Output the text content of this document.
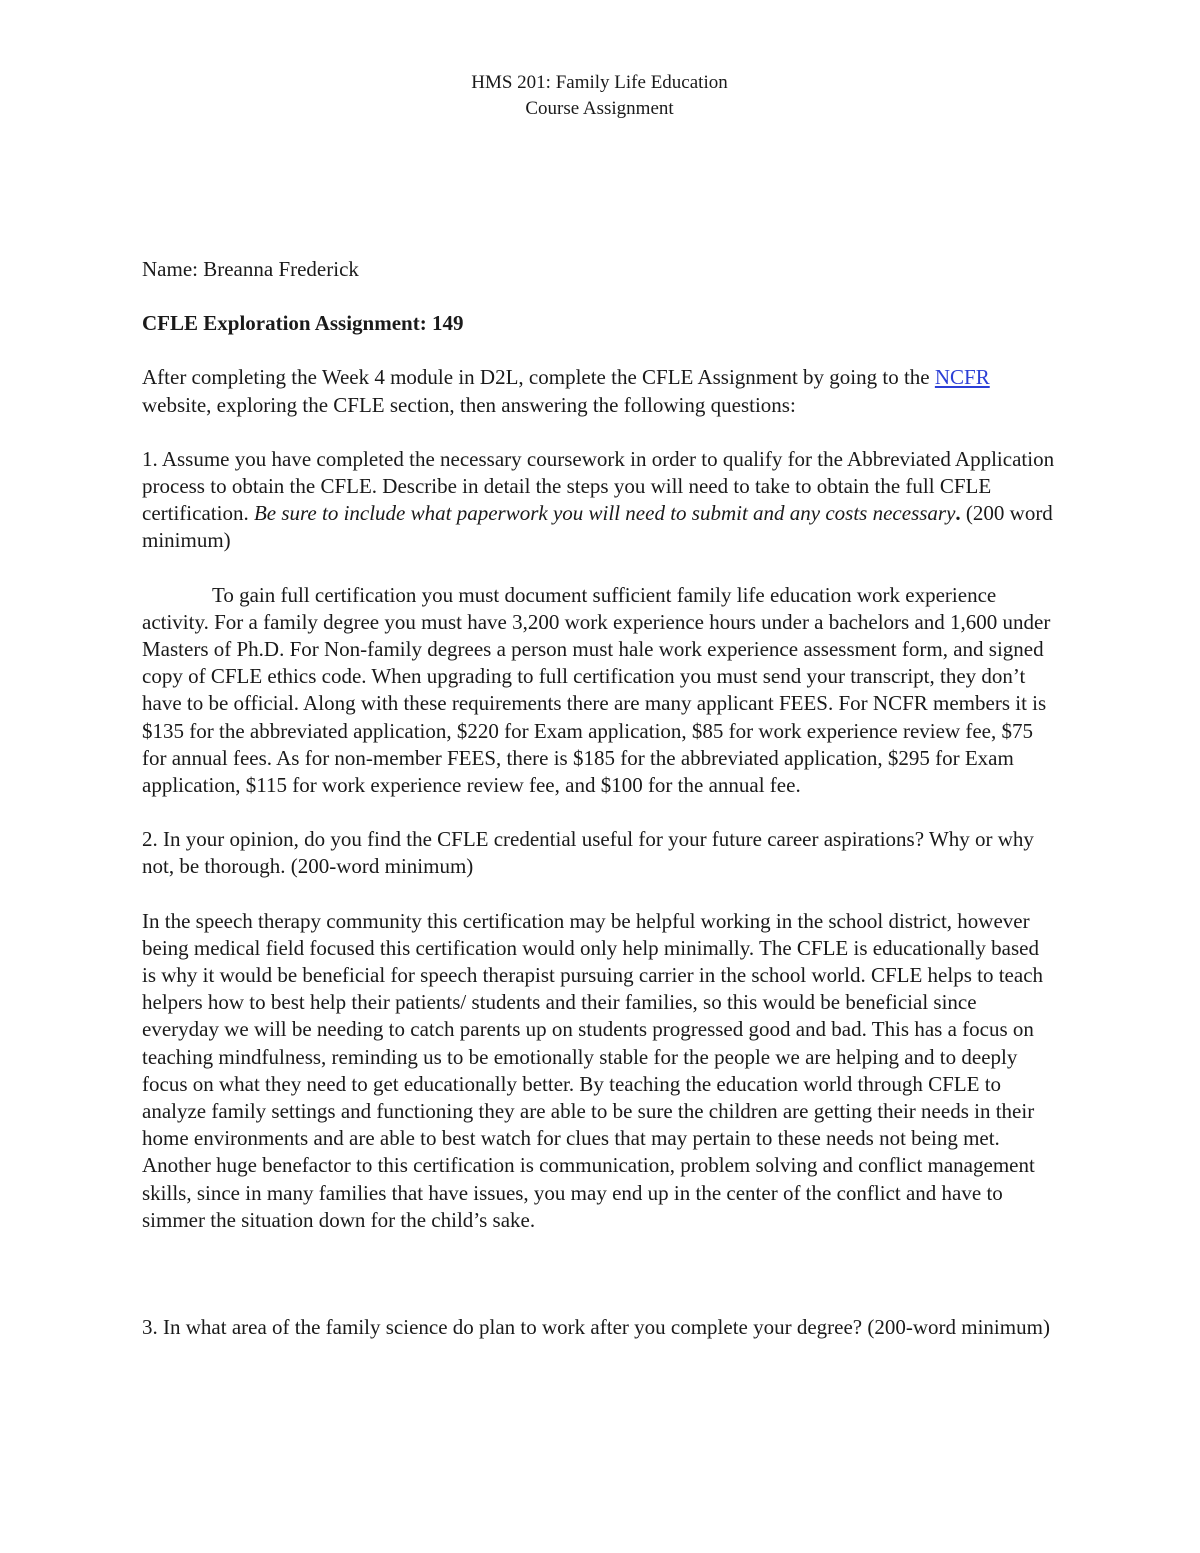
HMS 201: Family Life Education

Course Assignment

Name: Breanna Frederick

CFLE Exploration Assignment: 149

After completing the Week 4 module in D2L, complete the CFLE Assignment by going to the NCFR website, exploring the CFLE section, then answering the following questions:

1. Assume you have completed the necessary coursework in order to qualify for the Abbreviated Application process to obtain the CFLE. Describe in detail the steps you will need to take to obtain the full CFLE certification. Be sure to include what paperwork you will need to submit and any costs necessary. (200 word minimum)

To gain full certification you must document sufficient family life education work experience activity. For a family degree you must have 3,200 work experience hours under a bachelors and 1,600 under Masters of Ph.D. For Non-family degrees a person must hale work experience assessment form, and signed copy of CFLE ethics code. When upgrading to full certification you must send your transcript, they don’t have to be official. Along with these requirements there are many applicant FEES. For NCFR members it is $135 for the abbreviated application, $220 for Exam application, $85 for work experience review fee, $75 for annual fees. As for non-member FEES, there is $185 for the abbreviated application, $295 for Exam application, $115 for work experience review fee, and $100 for the annual fee.

2. In your opinion, do you find the CFLE credential useful for your future career aspirations? Why or why not, be thorough. (200-word minimum)

In the speech therapy community this certification may be helpful working in the school district, however being medical field focused this certification would only help minimally. The CFLE is educationally based is why it would be beneficial for speech therapist pursuing carrier in the school world. CFLE helps to teach helpers how to best help their patients/ students and their families, so this would be beneficial since everyday we will be needing to catch parents up on students progressed good and bad. This has a focus on teaching mindfulness, reminding us to be emotionally stable for the people we are helping and to deeply focus on what they need to get educationally better. By teaching the education world through CFLE to analyze family settings and functioning they are able to be sure the children are getting their needs in their home environments and are able to best watch for clues that may pertain to these needs not being met. Another huge benefactor to this certification is communication, problem solving and conflict management skills, since in many families that have issues, you may end up in the center of the conflict and have to simmer the situation down for the child’s sake.

3. In what area of the family science do plan to work after you complete your degree? (200-word minimum)
